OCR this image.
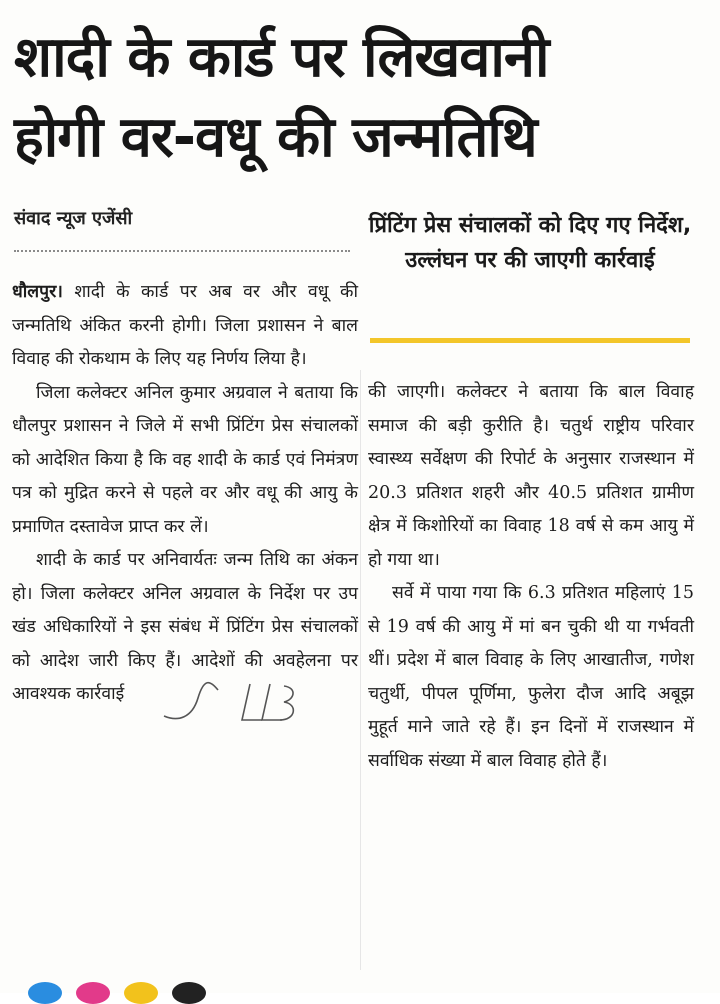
शादी के कार्ड पर लिखवानी
होगी वर-वधू की जन्मतिथि
संवाद न्यूज एजेंसी	प्रिंटिंग प्रेस संचालकों को दिए गए निर्देश, उल्लंघन पर की जाएगी कार्रवाई

धौलपुर। शादी के कार्ड पर अब वर और वधू की जन्मतिथि अंकित करनी होगी। जिला प्रशासन ने बाल विवाह की रोकथाम के लिए यह निर्णय लिया है।

जिला कलेक्टर अनिल कुमार अग्रवाल ने बताया कि धौलपुर प्रशासन ने जिले में सभी प्रिंटिंग प्रेस संचालकों को आदेशित किया है कि वह शादी के कार्ड एवं निमंत्रण पत्र को मुद्रित करने से पहले वर और वधू की आयु के प्रमाणित दस्तावेज प्राप्त कर लें।

शादी के कार्ड पर अनिवार्यतः जन्म तिथि का अंकन हो। जिला कलेक्टर अनिल अग्रवाल के निर्देश पर उप खंड अधिकारियों ने इस संबंध में प्रिंटिंग प्रेस संचालकों को आदेश जारी किए हैं। आदेशों की अवहेलना पर आवश्यक कार्रवाई

की जाएगी। कलेक्टर ने बताया कि बाल विवाह समाज की बड़ी कुरीति है। चतुर्थ राष्ट्रीय परिवार स्वास्थ्य सर्वेक्षण की रिपोर्ट के अनुसार राजस्थान में 20.3 प्रतिशत शहरी और 40.5 प्रतिशत ग्रामीण क्षेत्र में किशोरियों का विवाह 18 वर्ष से कम आयु में हो गया था।

सर्वे में पाया गया कि 6.3 प्रतिशत महिलाएं 15 से 19 वर्ष की आयु में मां बन चुकी थी या गर्भवती थीं। प्रदेश में बाल विवाह के लिए आखातीज, गणेश चतुर्थी, पीपल पूर्णिमा, फुलेरा दौज आदि अबूझ मुहूर्त माने जाते रहे हैं। इन दिनों में राजस्थान में सर्वाधिक संख्या में बाल विवाह होते हैं।
